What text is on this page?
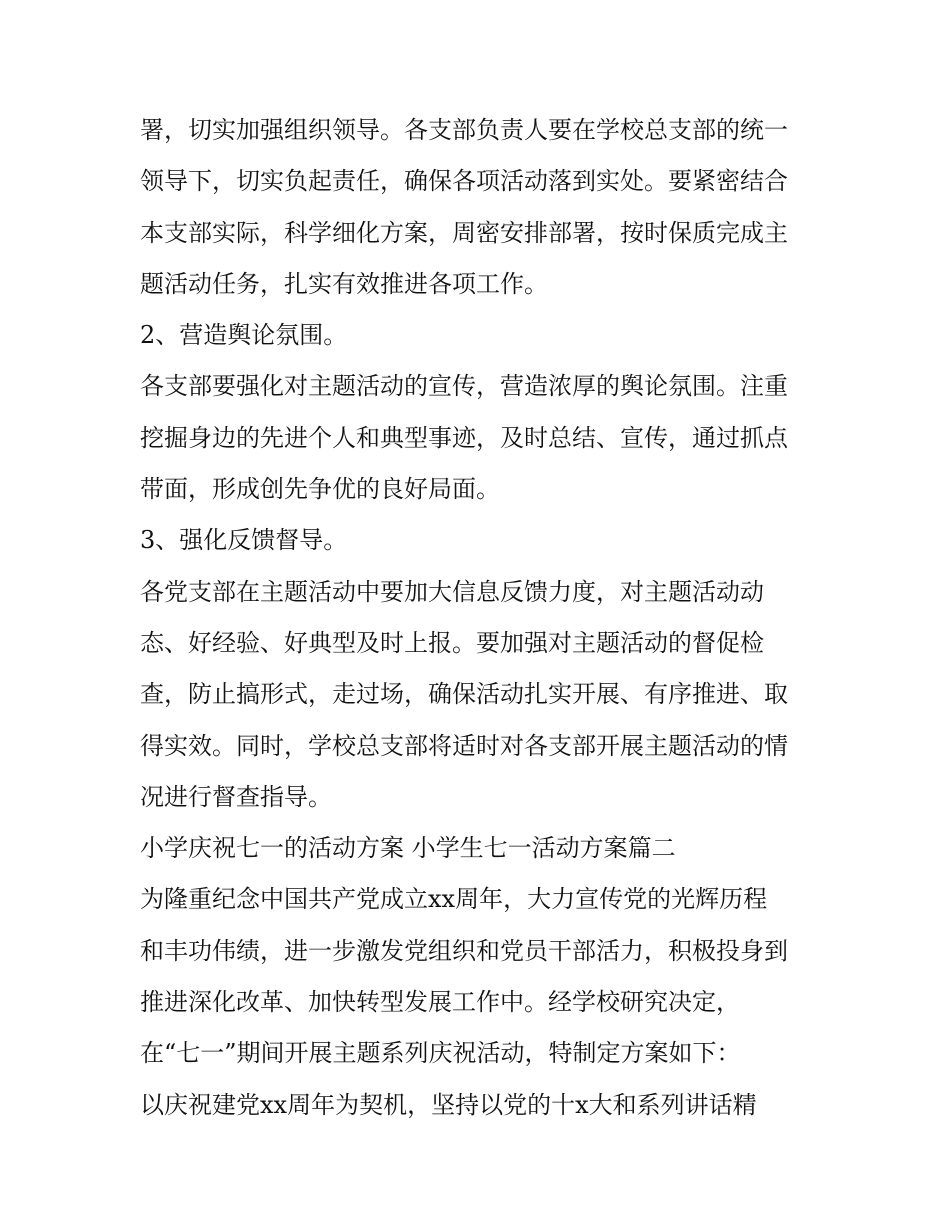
署，切实加强组织领导。各支部负责人要在学校总支部的统一
领导下，切实负起责任，确保各项活动落到实处。要紧密结合
本支部实际，科学细化方案，周密安排部署，按时保质完成主
题活动任务，扎实有效推进各项工作。
2、营造舆论氛围。
各支部要强化对主题活动的宣传，营造浓厚的舆论氛围。注重
挖掘身边的先进个人和典型事迹，及时总结、宣传，通过抓点
带面，形成创先争优的良好局面。
3、强化反馈督导。
各党支部在主题活动中要加大信息反馈力度，对主题活动动
态、好经验、好典型及时上报。要加强对主题活动的督促检
查，防止搞形式，走过场，确保活动扎实开展、有序推进、取
得实效。同时，学校总支部将适时对各支部开展主题活动的情
况进行督查指导。
小学庆祝七一的活动方案 小学生七一活动方案篇二
为隆重纪念中国共产党成立xx周年，大力宣传党的光辉历程
和丰功伟绩，进一步激发党组织和党员干部活力，积极投身到
推进深化改革、加快转型发展工作中。经学校研究决定，
在“七一”期间开展主题系列庆祝活动，特制定方案如下：
以庆祝建党xx周年为契机，坚持以党的十x大和系列讲话精
